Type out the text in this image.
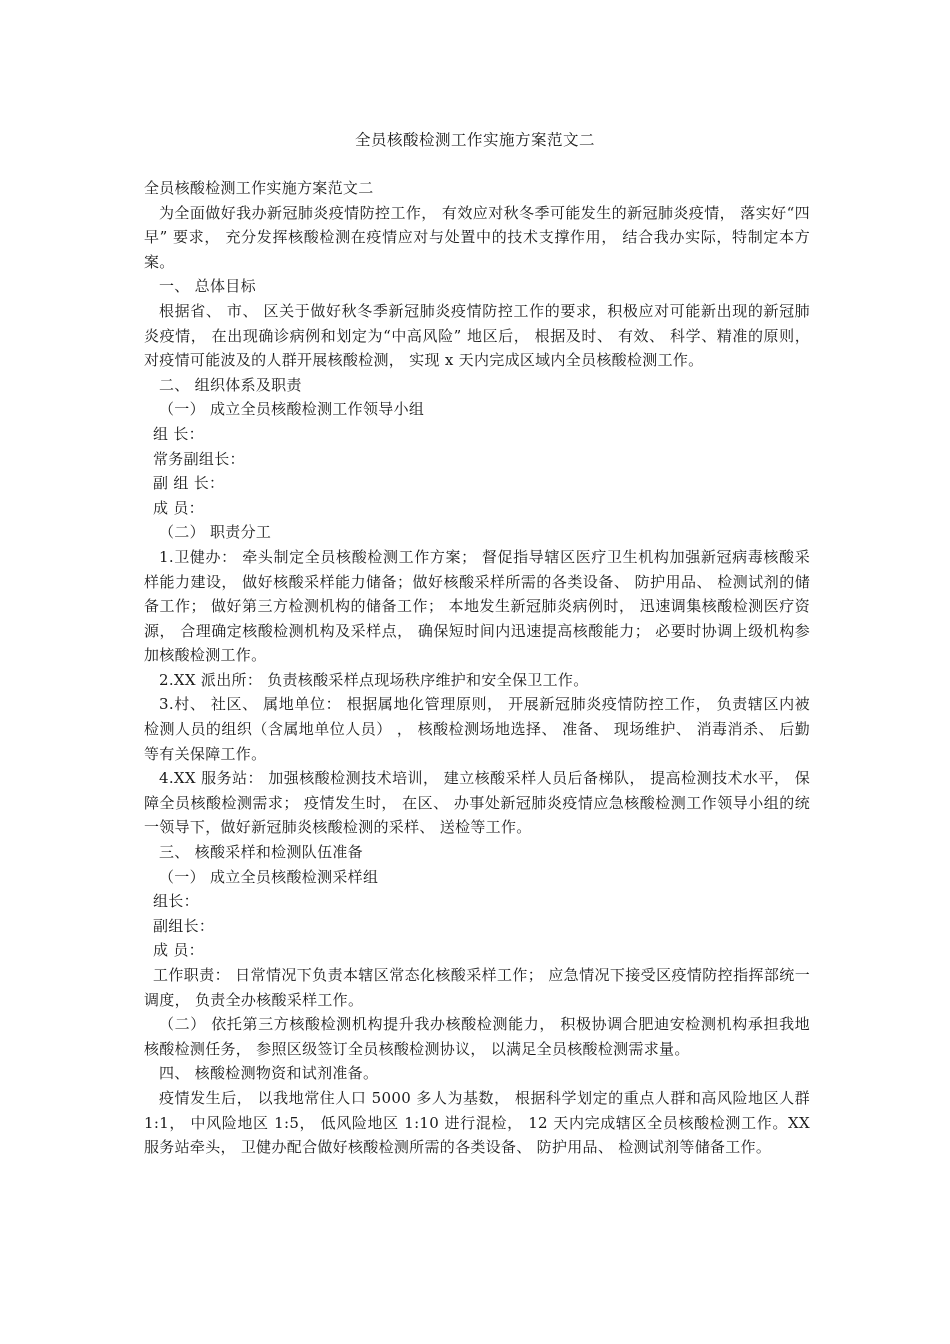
全员核酸检测工作实施方案范文二

全员核酸检测工作实施方案范文二

为全面做好我办新冠肺炎疫情防控工作， 有效应对秋冬季可能发生的新冠肺炎疫情， 落实好“四早” 要求， 充分发挥核酸检测在疫情应对与处置中的技术支撑作用， 结合我办实际，特制定本方案。

一、 总体目标

根据省、 市、 区关于做好秋冬季新冠肺炎疫情防控工作的要求，积极应对可能新出现的新冠肺炎疫情， 在出现确诊病例和划定为“中高风险” 地区后， 根据及时、 有效、 科学、精准的原则， 对疫情可能波及的人群开展核酸检测， 实现 x 天内完成区域内全员核酸检测工作。

二、 组织体系及职责

（一） 成立全员核酸检测工作领导小组

组 长：

常务副组长：

副 组 长：

成 员：

（二） 职责分工

1.卫健办： 牵头制定全员核酸检测工作方案； 督促指导辖区医疗卫生机构加强新冠病毒核酸采样能力建设， 做好核酸采样能力储备；做好核酸采样所需的各类设备、 防护用品、 检测试剂的储备工作； 做好第三方检测机构的储备工作； 本地发生新冠肺炎病例时， 迅速调集核酸检测医疗资源， 合理确定核酸检测机构及采样点， 确保短时间内迅速提高核酸能力； 必要时协调上级机构参加核酸检测工作。

2.XX 派出所： 负责核酸采样点现场秩序维护和安全保卫工作。

3.村、 社区、 属地单位： 根据属地化管理原则， 开展新冠肺炎疫情防控工作， 负责辖区内被检测人员的组织（含属地单位人员） ， 核酸检测场地选择、 准备、 现场维护、 消毒消杀、 后勤等有关保障工作。

4.XX 服务站： 加强核酸检测技术培训， 建立核酸采样人员后备梯队， 提高检测技术水平， 保障全员核酸检测需求； 疫情发生时， 在区、 办事处新冠肺炎疫情应急核酸检测工作领导小组的统一领导下，做好新冠肺炎核酸检测的采样、 送检等工作。

三、 核酸采样和检测队伍准备

（一） 成立全员核酸检测采样组

组长：

副组长：

成 员：

工作职责： 日常情况下负责本辖区常态化核酸采样工作； 应急情况下接受区疫情防控指挥部统一调度， 负责全办核酸采样工作。

（二） 依托第三方核酸检测机构提升我办核酸检测能力， 积极协调合肥迪安检测机构承担我地核酸检测任务， 参照区级签订全员核酸检测协议， 以满足全员核酸检测需求量。

四、 核酸检测物资和试剂准备。

疫情发生后， 以我地常住人口 5000 多人为基数， 根据科学划定的重点人群和高风险地区人群 1:1， 中风险地区 1:5， 低风险地区 1:10 进行混检， 12 天内完成辖区全员核酸检测工作。XX 服务站牵头， 卫健办配合做好核酸检测所需的各类设备、 防护用品、 检测试剂等储备工作。
